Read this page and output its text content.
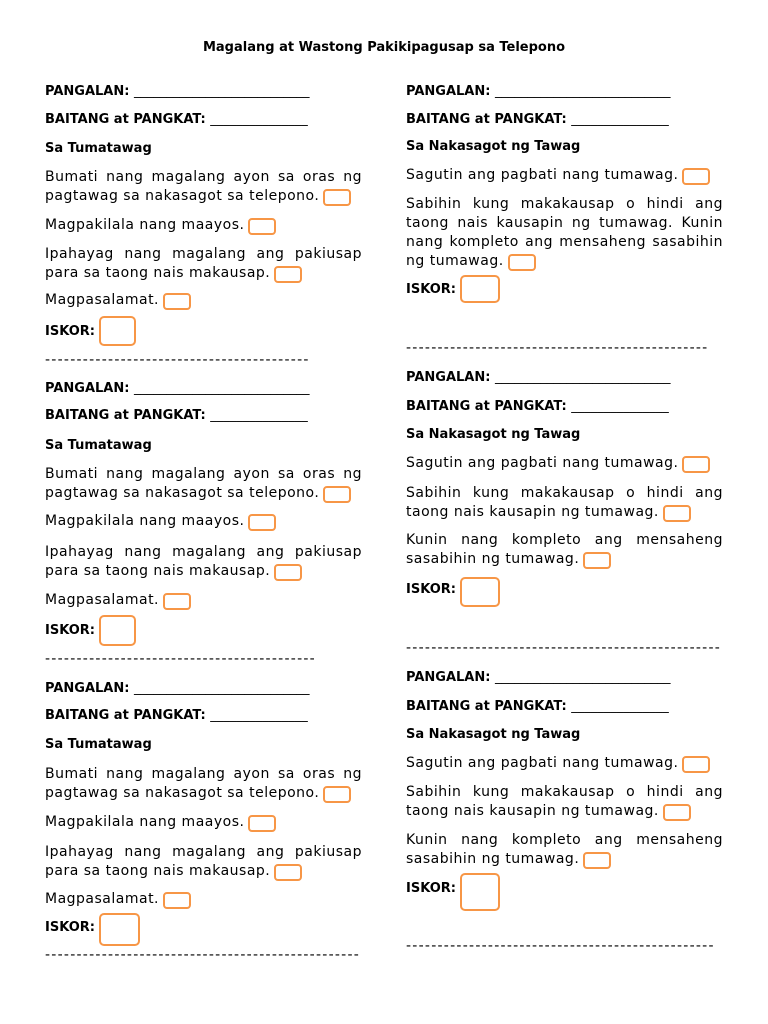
Magalang at Wastong Pakikipagusap sa Telepono
PANGALAN: ___________________________
BAITANG at PANGKAT: _______________
Sa Tumatawag
Bumati nang magalang ayon sa oras ng pagtawag sa nakasagot sa telepono.
Magpakilala nang maayos.
Ipahayag nang magalang ang pakiusap para sa taong nais makausap.
Magpasalamat.
ISKOR:
------------------------------------------
PANGALAN: ___________________________
BAITANG at PANGKAT: _______________
Sa Tumatawag
Bumati nang magalang ayon sa oras ng pagtawag sa nakasagot sa telepono.
Magpakilala nang maayos.
Ipahayag nang magalang ang pakiusap para sa taong nais makausap.
Magpasalamat.
ISKOR:
-------------------------------------------
PANGALAN: ___________________________
BAITANG at PANGKAT: _______________
Sa Tumatawag
Bumati nang magalang ayon sa oras ng pagtawag sa nakasagot sa telepono.
Magpakilala nang maayos.
Ipahayag nang magalang ang pakiusap para sa taong nais makausap.
Magpasalamat.
ISKOR:
--------------------------------------------------
PANGALAN: ___________________________
BAITANG at PANGKAT: _______________
Sa Nakasagot ng Tawag
Sagutin ang pagbati nang tumawag.
Sabihin kung makakausap o hindi ang taong nais kausapin ng tumawag. Kunin nang kompleto ang mensaheng sasabihin ng tumawag.
ISKOR:
------------------------------------------------
PANGALAN: ___________________________
BAITANG at PANGKAT: _______________
Sa Nakasagot ng Tawag
Sagutin ang pagbati nang tumawag.
Sabihin kung makakausap o hindi ang taong nais kausapin ng tumawag.
Kunin nang kompleto ang mensaheng sasabihin ng tumawag.
ISKOR:
--------------------------------------------------
PANGALAN: ___________________________
BAITANG at PANGKAT: _______________
Sa Nakasagot ng Tawag
Sagutin ang pagbati nang tumawag.
Sabihin kung makakausap o hindi ang taong nais kausapin ng tumawag.
Kunin nang kompleto ang mensaheng sasabihin ng tumawag.
ISKOR:
-------------------------------------------------
